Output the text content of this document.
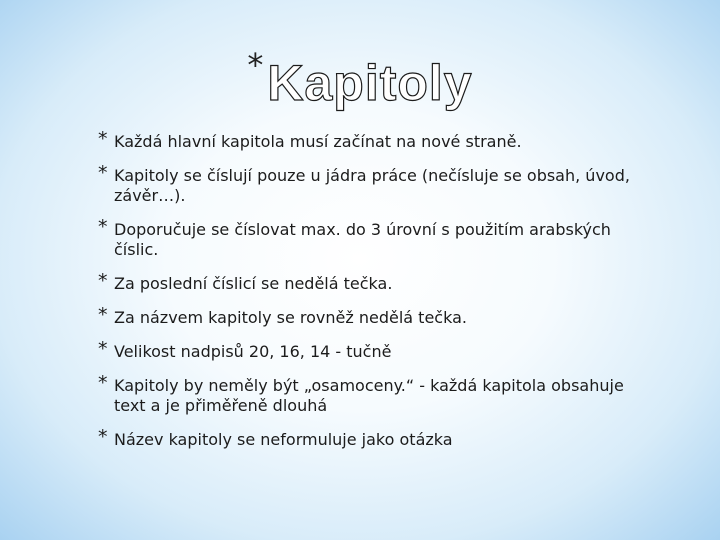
*Kapitoly
* Každá hlavní kapitola musí začínat na nové straně.
* Kapitoly se číslují pouze u jádra práce (nečísluje se obsah, úvod, závěr…).
* Doporučuje se číslovat max. do 3 úrovní s použitím arabských číslic.
* Za poslední číslicí se nedělá tečka.
* Za názvem kapitoly se rovněž nedělá tečka.
* Velikost nadpisů 20, 16, 14 - tučně
* Kapitoly by neměly být „osamoceny.“ - každá kapitola obsahuje text a je přiměřeně dlouhá
* Název kapitoly se neformuluje jako otázka
